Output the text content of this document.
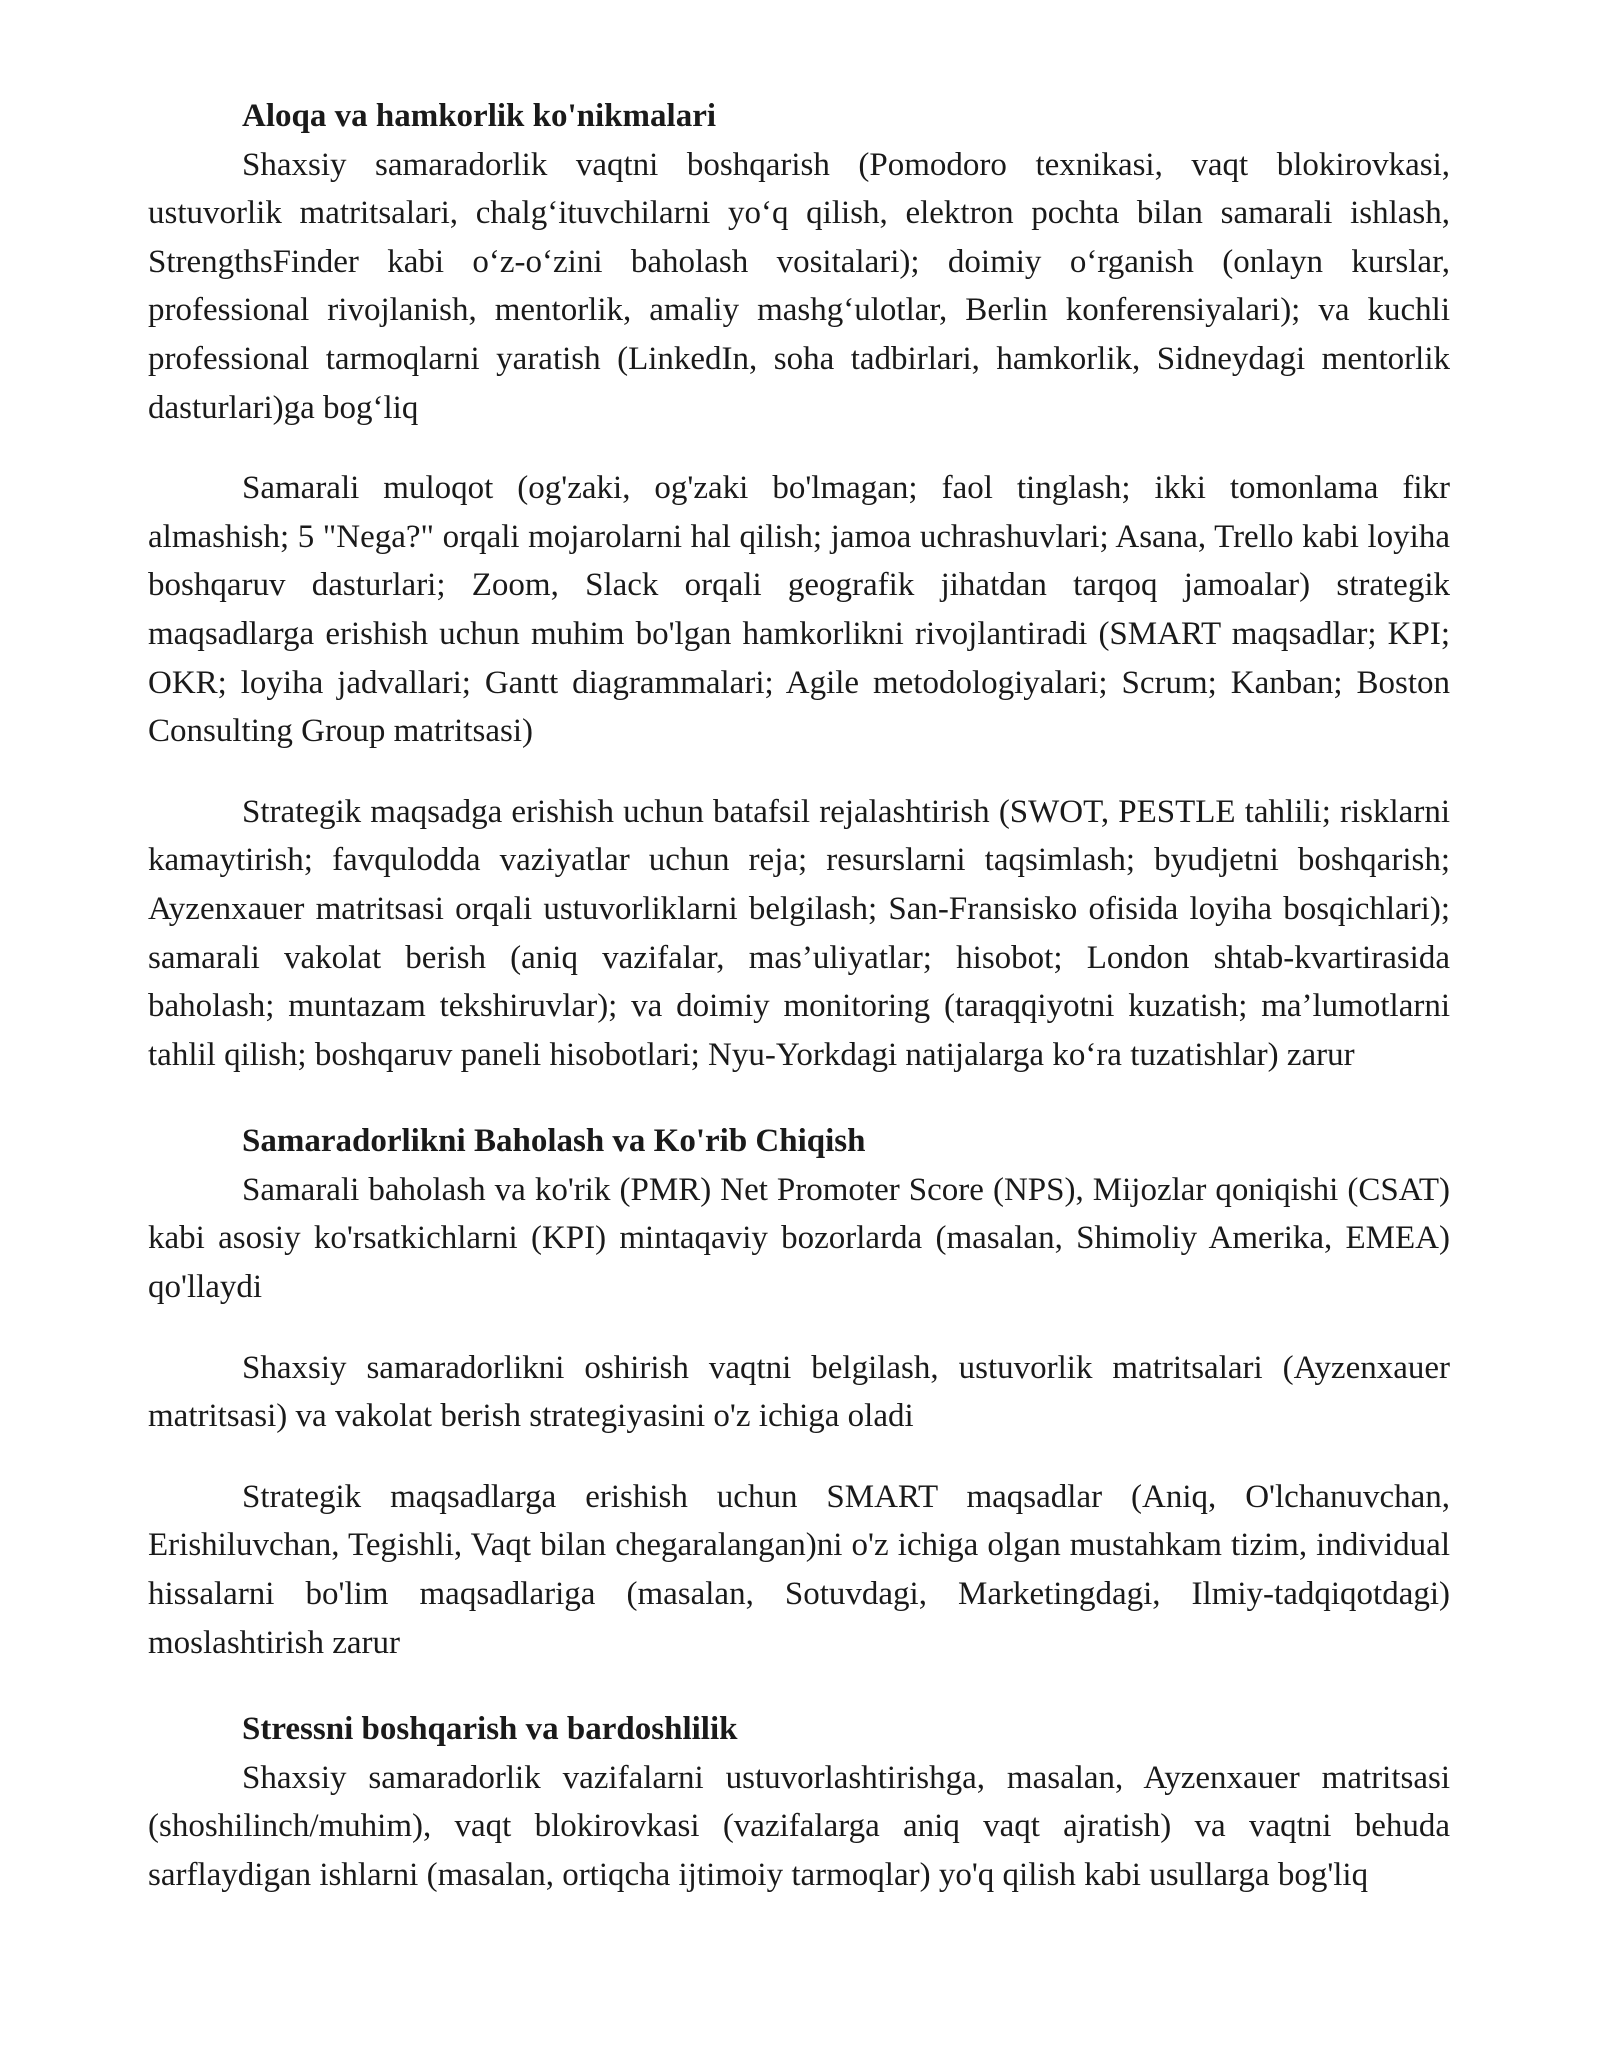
Aloqa va hamkorlik ko'nikmalari

Shaxsiy samaradorlik vaqtni boshqarish (Pomodoro texnikasi, vaqt blokirovkasi, ustuvorlik matritsalari, chalg‘ituvchilarni yo‘q qilish, elektron pochta bilan samarali ishlash, StrengthsFinder kabi o‘z-o‘zini baholash vositalari); doimiy o‘rganish (onlayn kurslar, professional rivojlanish, mentorlik, amaliy mashg‘ulotlar, Berlin konferensiyalari); va kuchli professional tarmoqlarni yaratish (LinkedIn, soha tadbirlari, hamkorlik, Sidneydagi mentorlik dasturlari)ga bog‘liq

Samarali muloqot (og'zaki, og'zaki bo'lmagan; faol tinglash; ikki tomonlama fikr almashish; 5 "Nega?" orqali mojarolarni hal qilish; jamoa uchrashuvlari; Asana, Trello kabi loyiha boshqaruv dasturlari; Zoom, Slack orqali geografik jihatdan tarqoq jamoalar) strategik maqsadlarga erishish uchun muhim bo'lgan hamkorlikni rivojlantiradi (SMART maqsadlar; KPI; OKR; loyiha jadvallari; Gantt diagrammalari; Agile metodologiyalari; Scrum; Kanban; Boston Consulting Group matritsasi)

Strategik maqsadga erishish uchun batafsil rejalashtirish (SWOT, PESTLE tahlili; risklarni kamaytirish; favqulodda vaziyatlar uchun reja; resurslarni taqsimlash; byudjetni boshqarish; Ayzenxauer matritsasi orqali ustuvorliklarni belgilash; San-Fransisko ofisida loyiha bosqichlari); samarali vakolat berish (aniq vazifalar, mas’uliyatlar; hisobot; London shtab-kvartirasida baholash; muntazam tekshiruvlar); va doimiy monitoring (taraqqiyotni kuzatish; ma’lumotlarni tahlil qilish; boshqaruv paneli hisobotlari; Nyu-Yorkdagi natijalarga ko‘ra tuzatishlar) zarur

Samaradorlikni Baholash va Ko'rib Chiqish

Samarali baholash va ko'rik (PMR) Net Promoter Score (NPS), Mijozlar qoniqishi (CSAT) kabi asosiy ko'rsatkichlarni (KPI) mintaqaviy bozorlarda (masalan, Shimoliy Amerika, EMEA) qo'llaydi

Shaxsiy samaradorlikni oshirish vaqtni belgilash, ustuvorlik matritsalari (Ayzenxauer matritsasi) va vakolat berish strategiyasini o'z ichiga oladi

Strategik maqsadlarga erishish uchun SMART maqsadlar (Aniq, O'lchanuvchan, Erishiluvchan, Tegishli, Vaqt bilan chegaralangan)ni o'z ichiga olgan mustahkam tizim, individual hissalarni bo'lim maqsadlariga (masalan, Sotuvdagi, Marketingdagi, Ilmiy-tadqiqotdagi) moslashtirish zarur

Stressni boshqarish va bardoshlilik

Shaxsiy samaradorlik vazifalarni ustuvorlashtirishga, masalan, Ayzenxauer matritsasi (shoshilinch/muhim), vaqt blokirovkasi (vazifalarga aniq vaqt ajratish) va vaqtni behuda sarflaydigan ishlarni (masalan, ortiqcha ijtimoiy tarmoqlar) yo'q qilish kabi usullarga bog'liq
